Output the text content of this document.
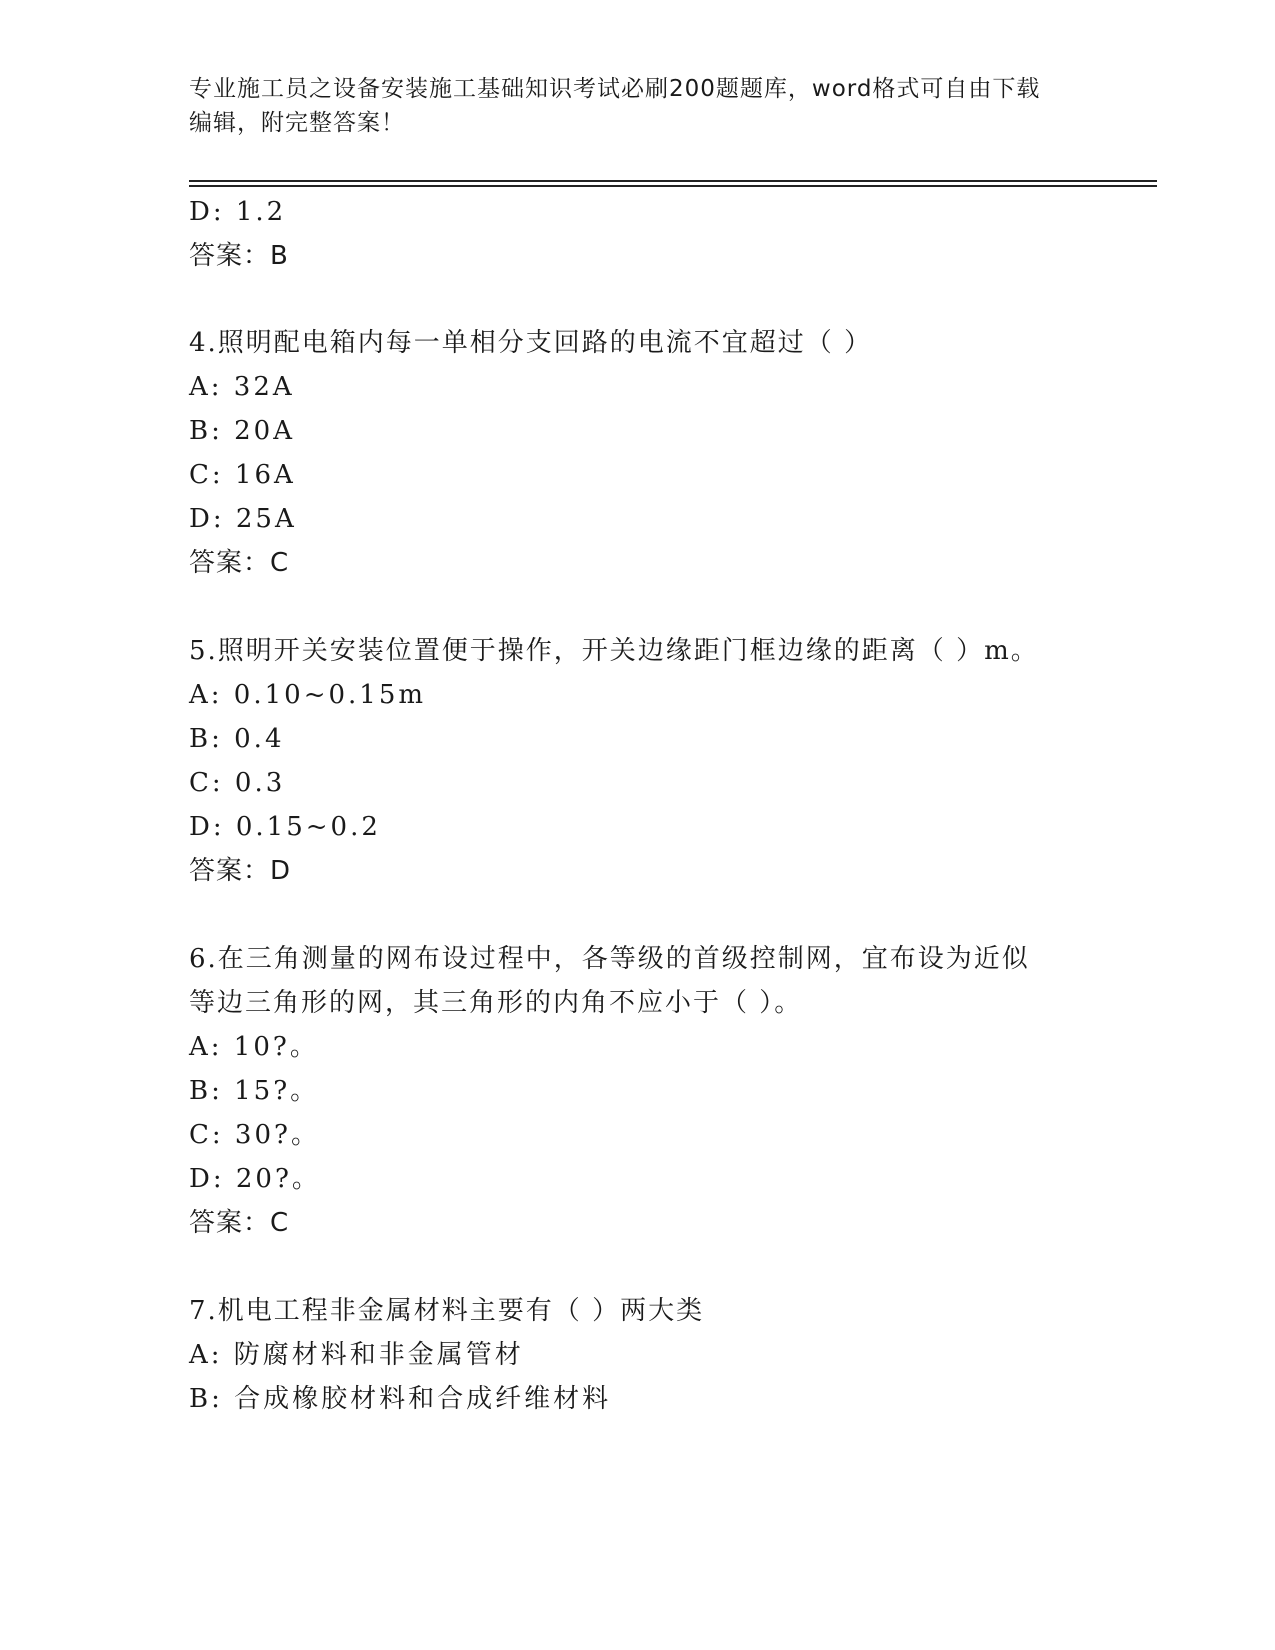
专业施工员之设备安装施工基础知识考试必刷200题题库，word格式可自由下载
编辑，附完整答案！
D: 1.2
答案：B
4.照明配电箱内每一单相分支回路的电流不宜超过（ ）
A: 32A
B: 20A
C: 16A
D: 25A
答案：C
5.照明开关安装位置便于操作，开关边缘距门框边缘的距离（ ）m。
A: 0.10~0.15m
B: 0.4
C: 0.3
D: 0.15~0.2
答案：D
6.在三角测量的网布设过程中，各等级的首级控制网，宜布设为近似
等边三角形的网，其三角形的内角不应小于（ ）。
A: 10?。
B: 15?。
C: 30?。
D: 20?。
答案：C
7.机电工程非金属材料主要有（ ）两大类
A: 防腐材料和非金属管材
B: 合成橡胶材料和合成纤维材料
